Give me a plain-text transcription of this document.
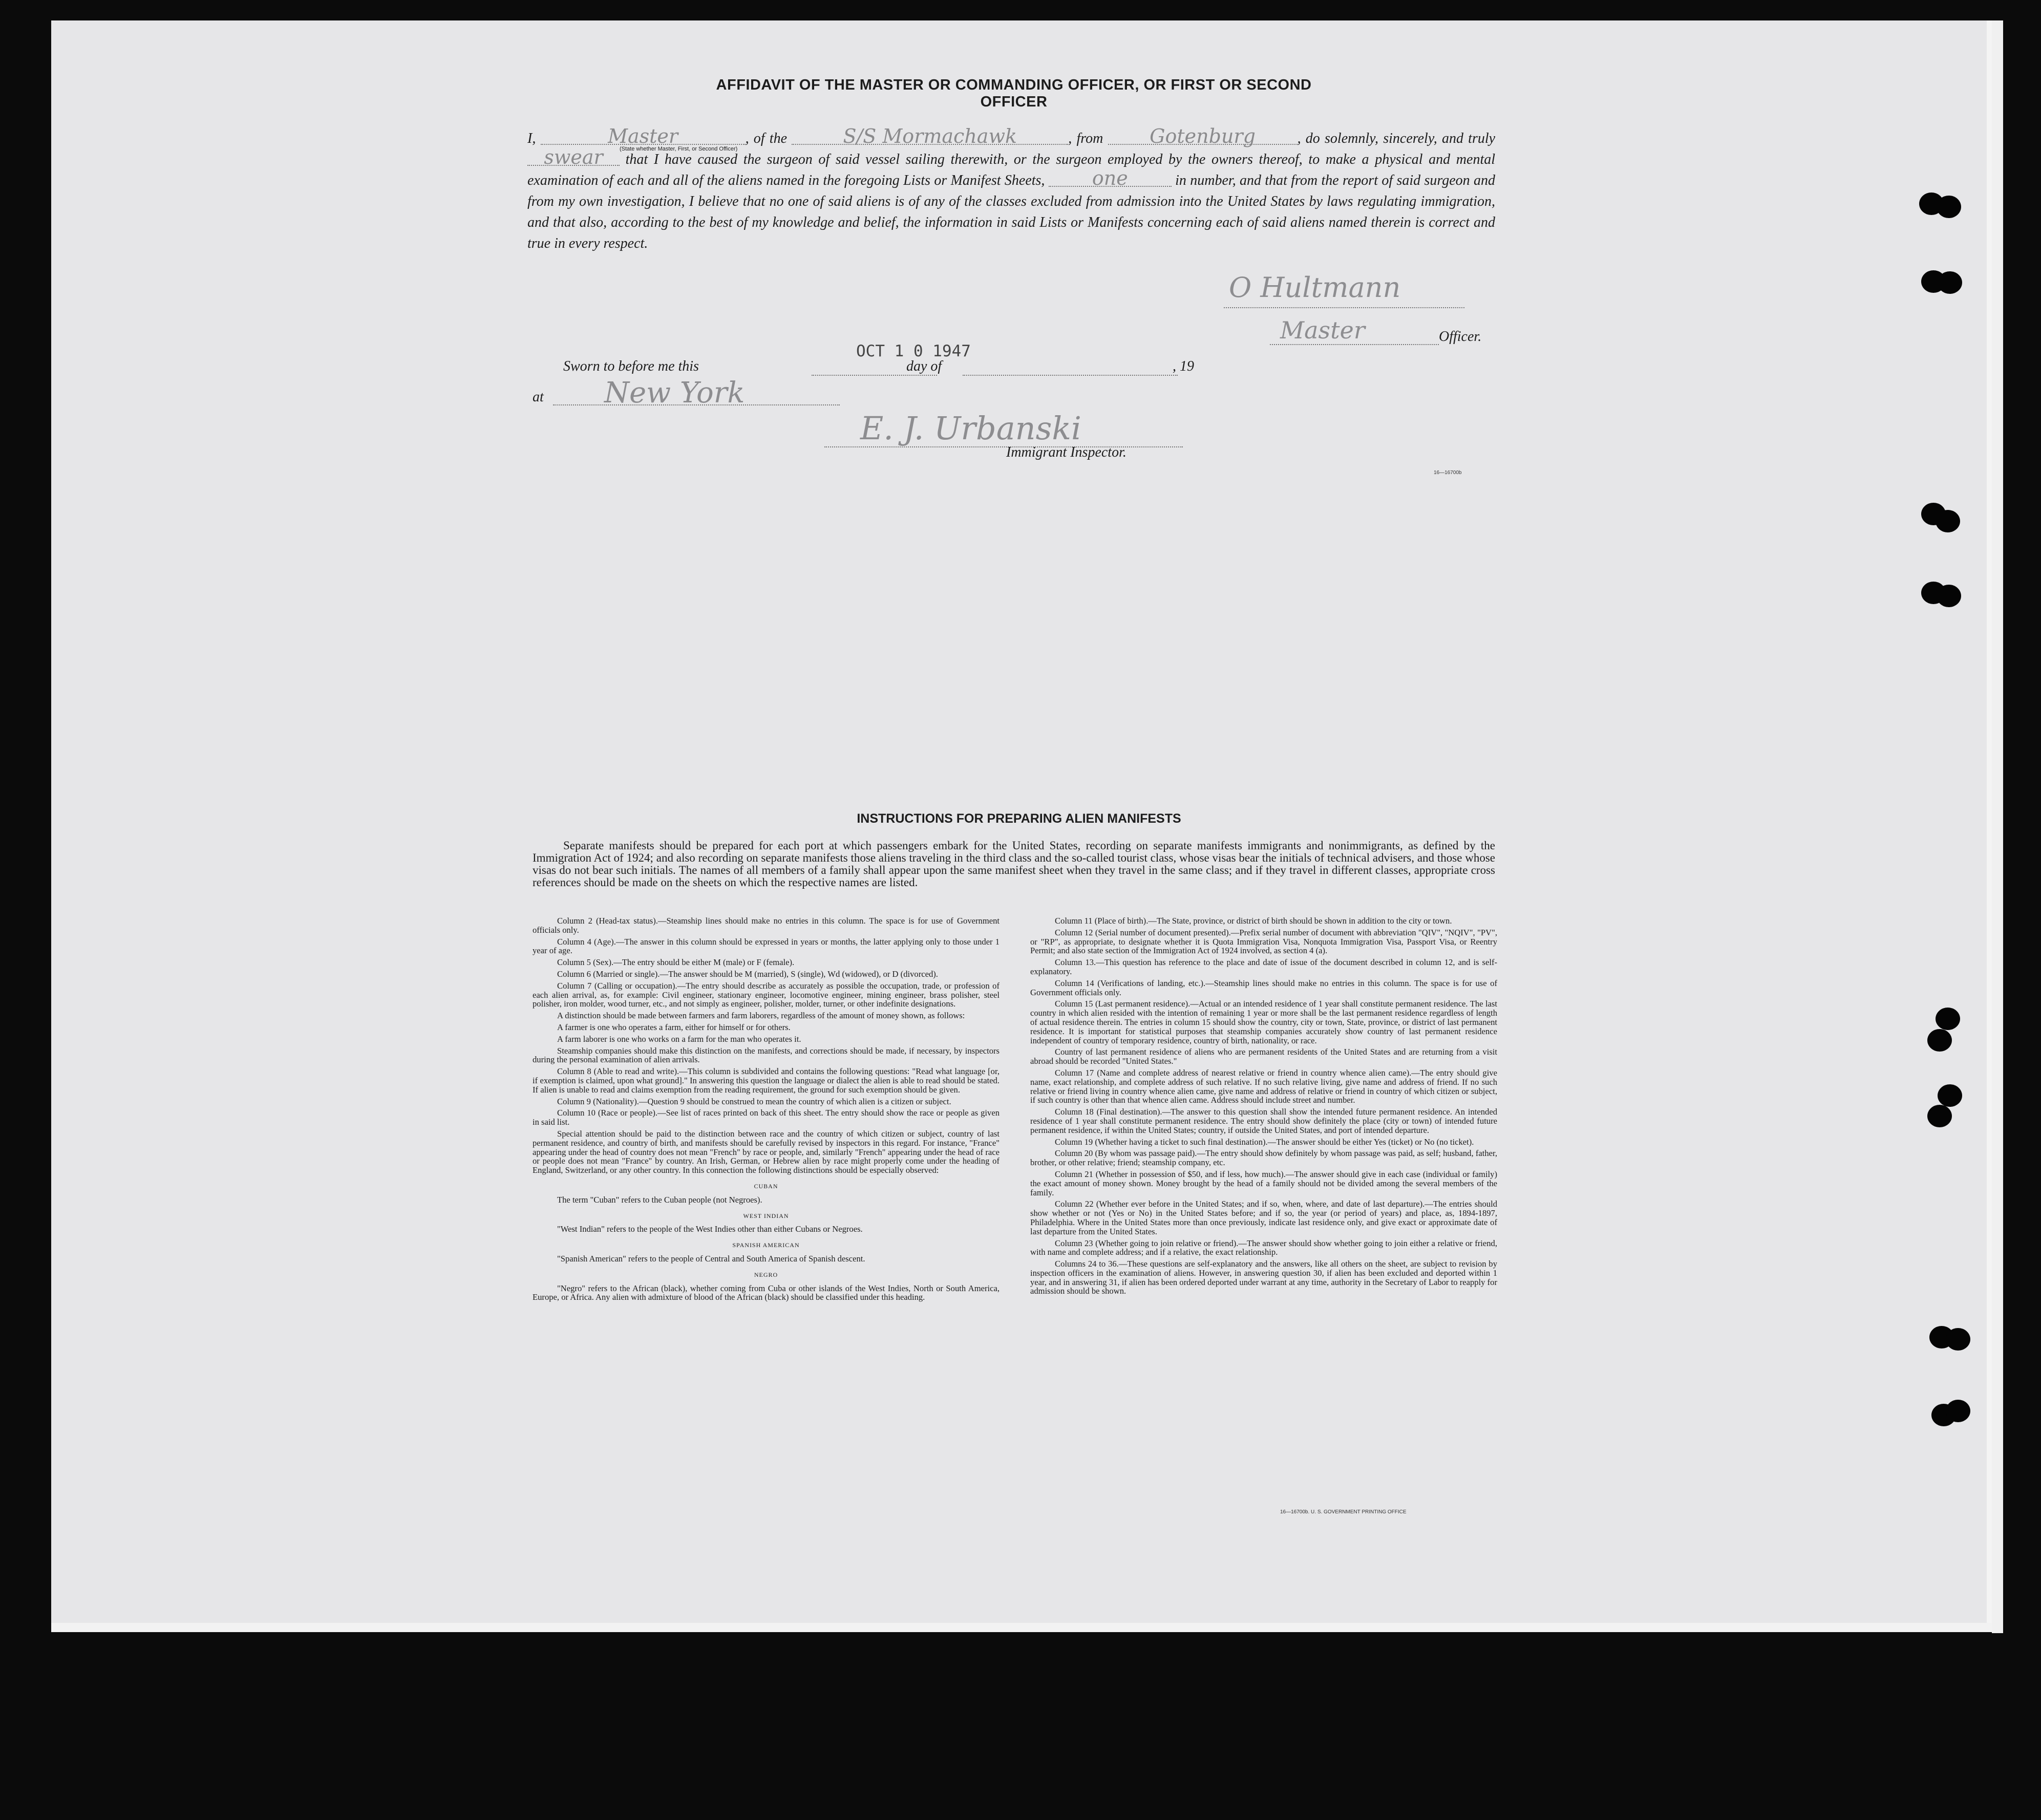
AFFIDAVIT OF THE MASTER OR COMMANDING OFFICER, OR FIRST OR SECOND OFFICER
I,	Master	, of the	S/S Mormachawk	, from Gotenburg	, do solemnly, sincerely, and truly swear that I have caused the surgeon of said vessel sailing therewith, or the surgeon employed by the owners thereof, to make a physical and mental examination of each and all of the aliens named in the foregoing Lists or Manifest Sheets, one	in number, and that from the report of said surgeon and from my own investigation, I believe that no one of said aliens is of any of the classes excluded from admission into the United States by laws regulating immigration, and that also, according to the best of my knowledge and belief, the information in said Lists or Manifests concerning each of said aliens named therein is correct and true in every respect.
(State whether Master, First, or Second Officer)
O Hultmann
Master	Officer.
Sworn to before me this
OCT 1 0 1947
day of	, 19
at New York
E. J. Urbanski
Immigrant Inspector.
16—16700b
INSTRUCTIONS FOR PREPARING ALIEN MANIFESTS
Separate manifests should be prepared for each port at which passengers embark for the United States, recording on separate manifests immigrants and nonimmigrants, as defined by the Immigration Act of 1924; and also recording on separate manifests those aliens traveling in the third class and the so-called tourist class, whose visas bear the initials of technical advisers, and those whose visas do not bear such initials. The names of all members of a family shall appear upon the same manifest sheet when they travel in the same class; and if they travel in different classes, appropriate cross references should be made on the sheets on which the respective names are listed.

Column 2 (Head-tax status).—Steamship lines should make no entries in this column. The space is for use of Government officials only.

Column 4 (Age).—The answer in this column should be expressed in years or months, the latter applying only to those under 1 year of age.

Column 5 (Sex).—The entry should be either M (male) or F (female).

Column 6 (Married or single).—The answer should be M (married), S (single), Wd (widowed), or D (divorced).

Column 7 (Calling or occupation).—The entry should describe as accurately as possible the occupation, trade, or profession of each alien arrival, as, for example: Civil engineer, stationary engineer, locomotive engineer, mining engineer, brass polisher, steel polisher, iron molder, wood turner, etc., and not simply as engineer, polisher, molder, turner, or other indefinite designations.

A distinction should be made between farmers and farm laborers, regardless of the amount of money shown, as follows:

A farmer is one who operates a farm, either for himself or for others.

A farm laborer is one who works on a farm for the man who operates it.

Steamship companies should make this distinction on the manifests, and corrections should be made, if necessary, by inspectors during the personal examination of alien arrivals.

Column 8 (Able to read and write).—This column is subdivided and contains the following questions: "Read what language [or, if exemption is claimed, upon what ground]." In answering this question the language or dialect the alien is able to read should be stated. If alien is unable to read and claims exemption from the reading requirement, the ground for such exemption should be given.

Column 9 (Nationality).—Question 9 should be construed to mean the country of which alien is a citizen or subject.

Column 10 (Race or people).—See list of races printed on back of this sheet. The entry should show the race or people as given in said list.

Special attention should be paid to the distinction between race and the country of which citizen or subject, country of last permanent residence, and country of birth, and manifests should be carefully revised by inspectors in this regard. For instance, "France" appearing under the head of country does not mean "French" by race or people, and, similarly "French" appearing under the head of race or people does not mean "France" by country. An Irish, German, or Hebrew alien by race might properly come under the heading of England, Switzerland, or any other country. In this connection the following distinctions should be especially observed:

CUBAN

The term "Cuban" refers to the Cuban people (not Negroes).

WEST INDIAN

"West Indian" refers to the people of the West Indies other than either Cubans or Negroes.

SPANISH AMERICAN

"Spanish American" refers to the people of Central and South America of Spanish descent.

NEGRO

"Negro" refers to the African (black), whether coming from Cuba or other islands of the West Indies, North or South America, Europe, or Africa. Any alien with admixture of blood of the African (black) should be classified under this heading.

Column 11 (Place of birth).—The State, province, or district of birth should be shown in addition to the city or town.

Column 12 (Serial number of document presented).—Prefix serial number of document with abbreviation "QIV", "NQIV", "PV", or "RP", as appropriate, to designate whether it is Quota Immigration Visa, Nonquota Immigration Visa, Passport Visa, or Reentry Permit; and also state section of the Immigration Act of 1924 involved, as section 4 (a).

Column 13.—This question has reference to the place and date of issue of the document described in column 12, and is self-explanatory.

Column 14 (Verifications of landing, etc.).—Steamship lines should make no entries in this column. The space is for use of Government officials only.

Column 15 (Last permanent residence).—Actual or an intended residence of 1 year shall constitute permanent residence. The last country in which alien resided with the intention of remaining 1 year or more shall be the last permanent residence regardless of length of actual residence therein. The entries in column 15 should show the country, city or town, State, province, or district of last permanent residence. It is important for statistical purposes that steamship companies accurately show country of last permanent residence independent of country of temporary residence, country of birth, nationality, or race.

Country of last permanent residence of aliens who are permanent residents of the United States and are returning from a visit abroad should be recorded "United States."

Column 17 (Name and complete address of nearest relative or friend in country whence alien came).—The entry should give name, exact relationship, and complete address of such relative. If no such relative living, give name and address of friend. If no such relative or friend living in country whence alien came, give name and address of relative or friend in country of which citizen or subject, if such country is other than that whence alien came. Address should include street and number.

Column 18 (Final destination).—The answer to this question shall show the intended future permanent residence. An intended residence of 1 year shall constitute permanent residence. The entry should show definitely the place (city or town) of intended future permanent residence, if within the United States; country, if outside the United States, and port of intended departure.

Column 19 (Whether having a ticket to such final destination).—The answer should be either Yes (ticket) or No (no ticket).

Column 20 (By whom was passage paid).—The entry should show definitely by whom passage was paid, as self; husband, father, brother, or other relative; friend; steamship company, etc.

Column 21 (Whether in possession of $50, and if less, how much).—The answer should give in each case (individual or family) the exact amount of money shown. Money brought by the head of a family should not be divided among the several members of the family.

Column 22 (Whether ever before in the United States; and if so, when, where, and date of last departure).—The entries should show whether or not (Yes or No) in the United States before; and if so, the year (or period of years) and place, as, 1894-1897, Philadelphia. Where in the United States more than once previously, indicate last residence only, and give exact or approximate date of last departure from the United States.

Column 23 (Whether going to join relative or friend).—The answer should show whether going to join either a relative or friend, with name and complete address; and if a relative, the exact relationship.

Columns 24 to 36.—These questions are self-explanatory and the answers, like all others on the sheet, are subject to revision by inspection officers in the examination of aliens. However, in answering question 30, if alien has been excluded and deported within 1 year, and in answering 31, if alien has been ordered deported under warrant at any time, authority in the Secretary of Labor to reapply for admission should be shown.

16—16700b. U. S. GOVERNMENT PRINTING OFFICE
